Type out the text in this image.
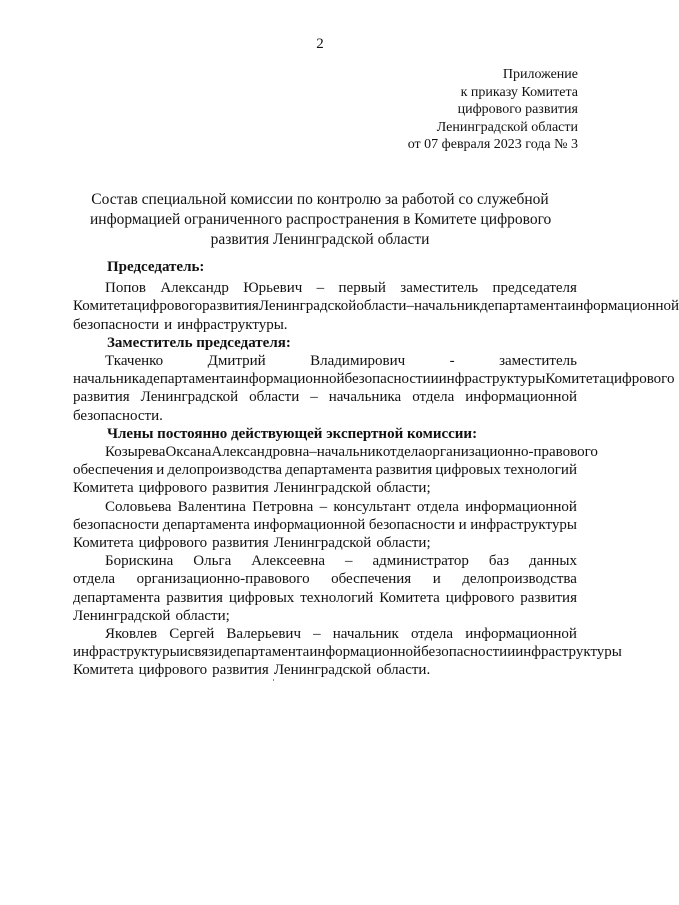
2
Приложение
к приказу Комитета
цифрового развития
Ленинградской области
от 07 февраля 2023 года № 3
Состав специальной комиссии по контролю за работой со служебной
информацией ограниченного распространения в Комитете цифрового
развития Ленинградской области
Председатель:
Попов Александр Юрьевич – первый заместитель председателя
Комитета цифрового развития Ленинградской области – начальник департамента информационной
безопасности и инфраструктуры.
Заместитель председателя:
Ткаченко	Дмитрий	Владимирович	-	заместитель
начальника департамента информационной безопасности и инфраструктуры Комитета цифрового
развития Ленинградской области – начальника отдела информационной
безопасности.
Члены постоянно действующей экспертной комиссии:
Козырева Оксана Александровна – начальник отдела организационно-правового
обеспечения и делопроизводства департамента развития цифровых технологий
Комитета цифрового развития Ленинградской области;
Соловьева Валентина Петровна – консультант отдела информационной
безопасности департамента информационной безопасности и инфраструктуры
Комитета цифрового развития Ленинградской области;
Борискина Ольга Алексеевна – администратор баз данных
отдела организационно-правового обеспечения и делопроизводства
департамента развития цифровых технологий Комитета цифрового развития
Ленинградской области;
Яковлев Сергей Валерьевич – начальник отдела информационной
инфраструктуры и связи департамента информационной безопасности и инфраструктуры
Комитета цифрового развития Ленинградской области.
